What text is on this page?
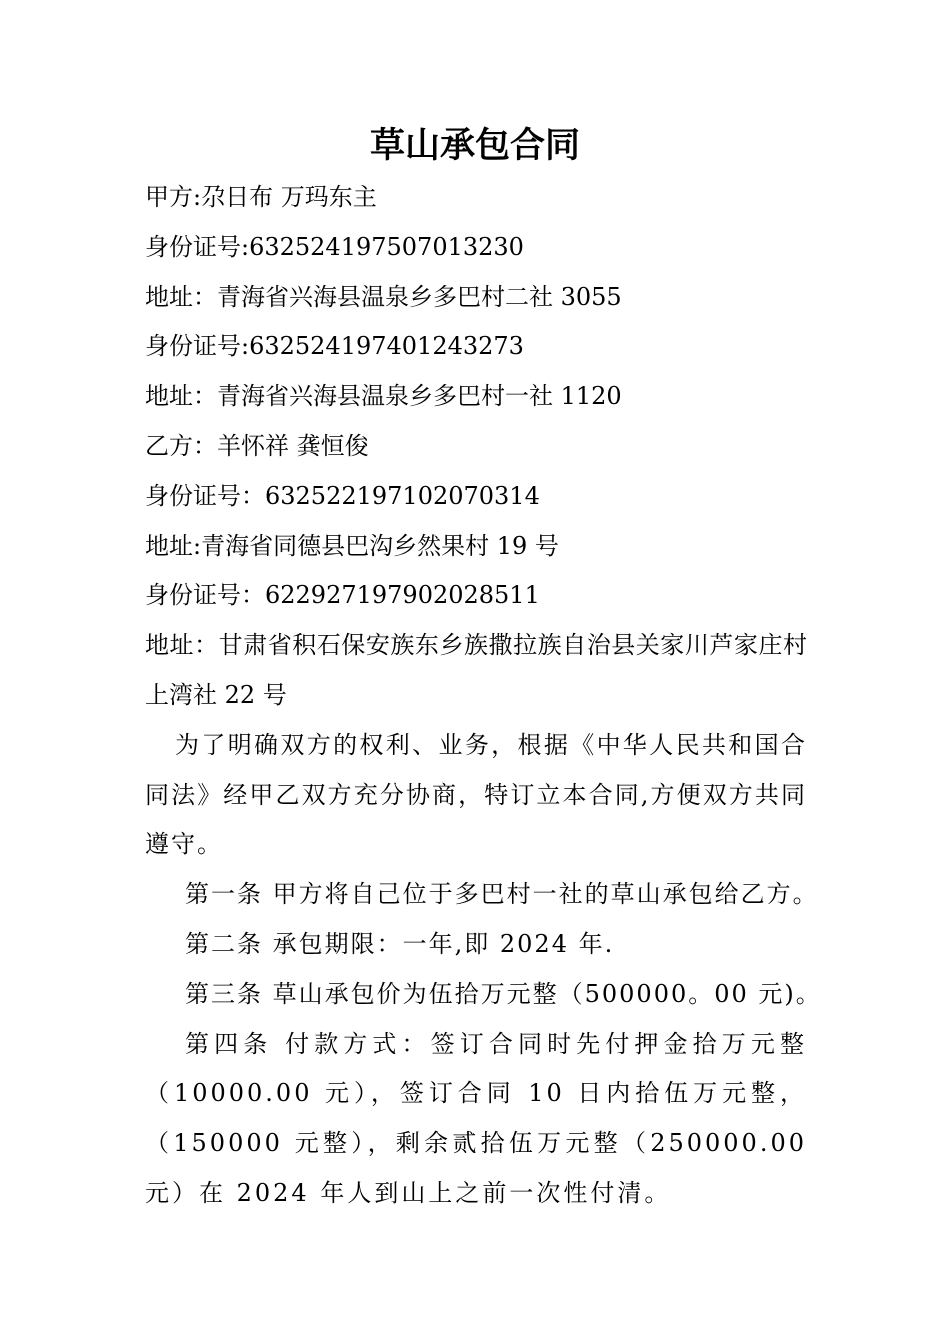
草山承包合同
甲方:尕日布 万玛东主
身份证号:632524197507013230
地址：青海省兴海县温泉乡多巴村二社 3055
身份证号:632524197401243273
地址：青海省兴海县温泉乡多巴村一社 1120
乙方：羊怀祥 龚恒俊
身份证号：632522197102070314
地址:青海省同德县巴沟乡然果村 19 号
身份证号：622927197902028511
地址：甘肃省积石保安族东乡族撒拉族自治县关家川芦家庄村上湾社 22 号
为了明确双方的权利、业务，根据《中华人民共和国合同法》经甲乙双方充分协商，特订立本合同,方便双方共同遵守。
第一条 甲方将自己位于多巴村一社的草山承包给乙方。
第二条 承包期限：一年,即 2024 年.
第三条 草山承包价为伍拾万元整（500000。00 元)。
第四条 付款方式：签订合同时先付押金拾万元整（10000.00 元），签订合同 10 日内拾伍万元整，（150000 元整），剩余贰拾伍万元整（250000.00 元）在 2024 年人到山上之前一次性付清。
